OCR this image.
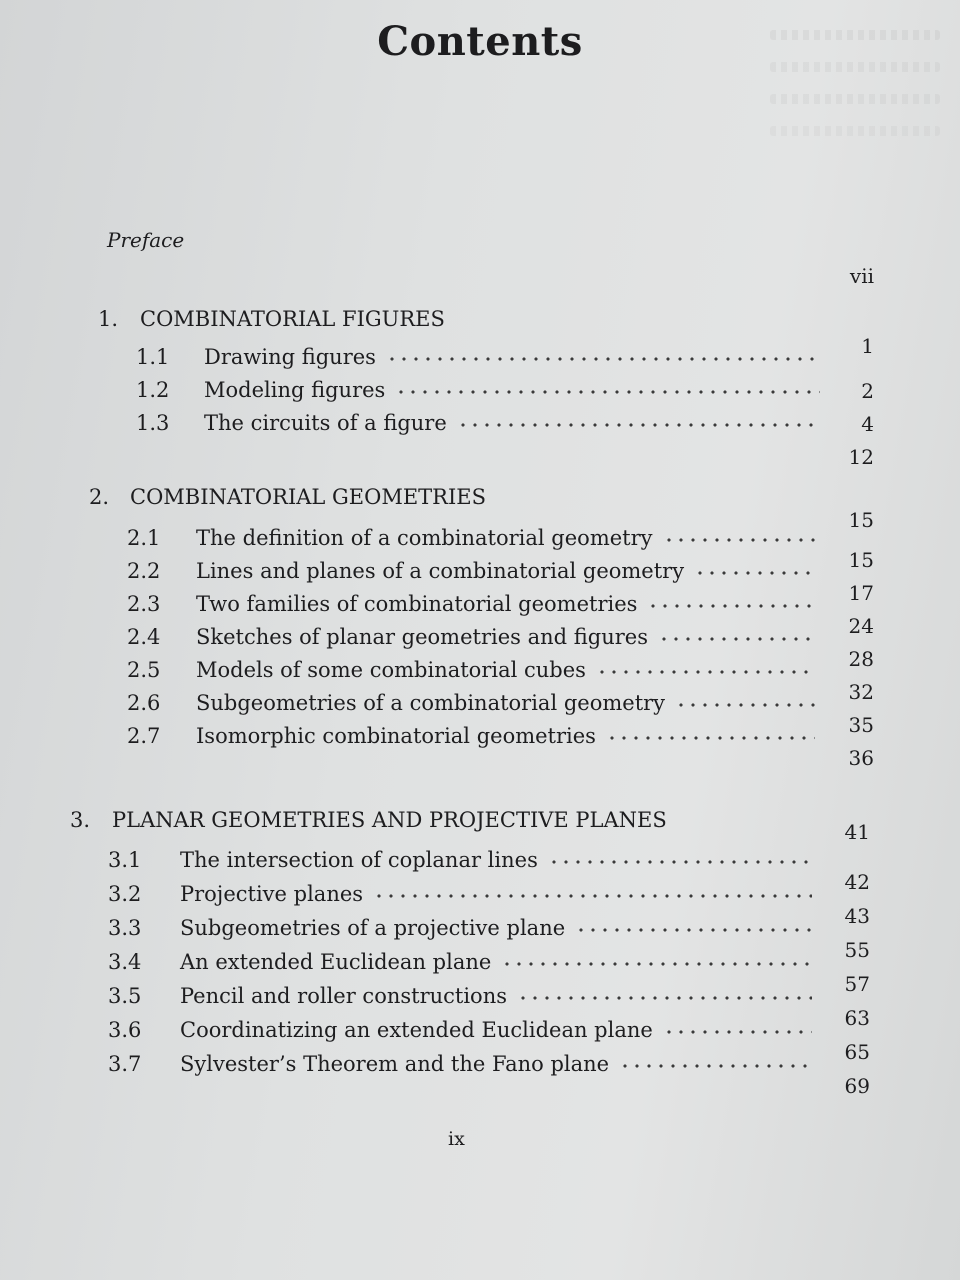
Contents
Preface
vii
1. COMBINATORIAL FIGURES
1
1.1 Drawing figures
2
1.2 Modeling figures
4
1.3 The circuits of a figure
12
2. COMBINATORIAL GEOMETRIES
15
2.1 The definition of a combinatorial geometry
15
2.2 Lines and planes of a combinatorial geometry
17
2.3 Two families of combinatorial geometries
24
2.4 Sketches of planar geometries and figures
28
2.5 Models of some combinatorial cubes
32
2.6 Subgeometries of a combinatorial geometry
35
2.7 Isomorphic combinatorial geometries
36
3. PLANAR GEOMETRIES AND PROJECTIVE PLANES	41
3.1 The intersection of coplanar lines
42
3.2 Projective planes
43
3.3 Subgeometries of a projective plane
55
3.4 An extended Euclidean plane
57
3.5 Pencil and roller constructions
63
3.6 Coordinatizing an extended Euclidean plane
65
3.7 Sylvester’s Theorem and the Fano plane
69
ix
